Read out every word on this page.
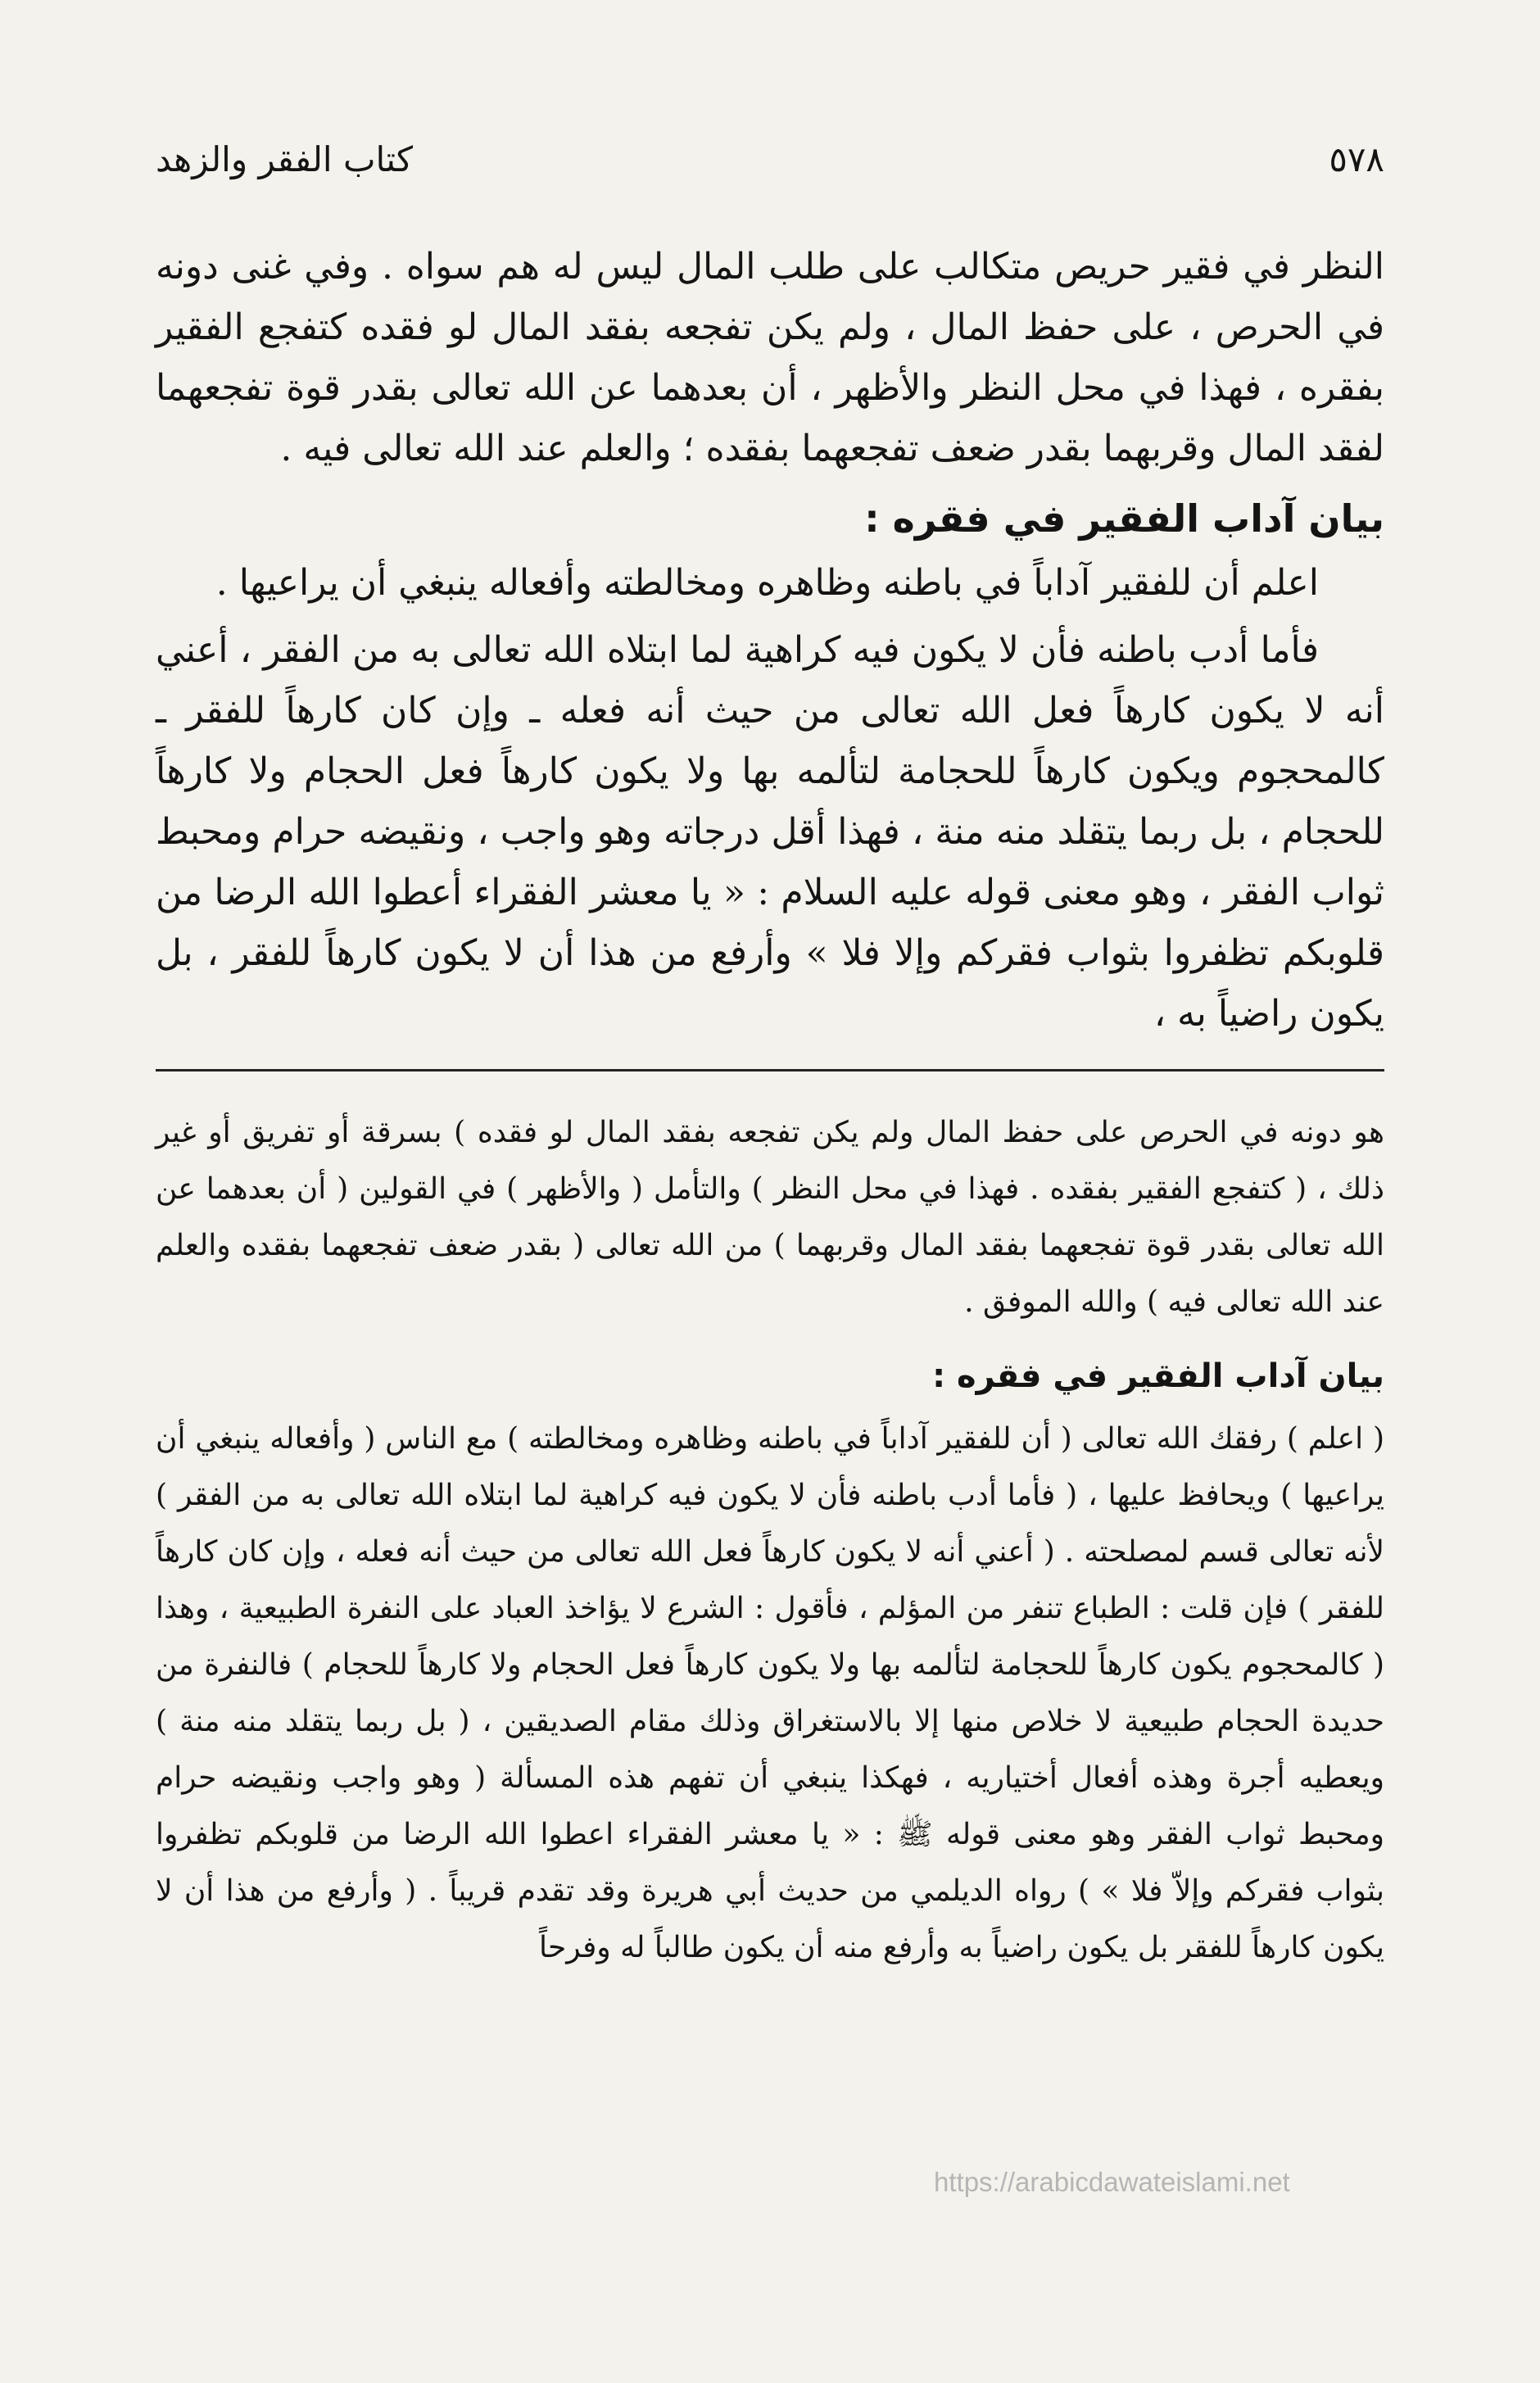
٥٧٨
كتاب الفقر والزهد

النظر في فقير حريص متكالب على طلب المال ليس له هم سواه . وفي غنى دونه في الحرص ، على حفظ المال ، ولم يكن تفجعه بفقد المال لو فقده كتفجع الفقير بفقره ، فهذا في محل النظر والأظهر ، أن بعدهما عن الله تعالى بقدر قوة تفجعهما لفقد المال وقربهما بقدر ضعف تفجعهما بفقده ؛ والعلم عند الله تعالى فيه .

بيان آداب الفقير في فقره :

اعلم أن للفقير آداباً في باطنه وظاهره ومخالطته وأفعاله ينبغي أن يراعيها .

فأما أدب باطنه فأن لا يكون فيه كراهية لما ابتلاه الله تعالى به من الفقر ، أعني أنه لا يكون كارهاً فعل الله تعالى من حيث أنه فعله ـ وإن كان كارهاً للفقر ـ كالمحجوم ويكون كارهاً للحجامة لتألمه بها ولا يكون كارهاً فعل الحجام ولا كارهاً للحجام ، بل ربما يتقلد منه منة ، فهذا أقل درجاته وهو واجب ، ونقيضه حرام ومحبط ثواب الفقر ، وهو معنى قوله عليه السلام : « يا معشر الفقراء أعطوا الله الرضا من قلوبكم تظفروا بثواب فقركم وإلا فلا » وأرفع من هذا أن لا يكون كارهاً للفقر ، بل يكون راضياً به ،

هو دونه في الحرص على حفظ المال ولم يكن تفجعه بفقد المال لو فقده ) بسرقة أو تفريق أو غير ذلك ، ( كتفجع الفقير بفقده . فهذا في محل النظر ) والتأمل ( والأظهر ) في القولين ( أن بعدهما عن الله تعالى بقدر قوة تفجعهما بفقد المال وقربهما ) من الله تعالى ( بقدر ضعف تفجعهما بفقده والعلم عند الله تعالى فيه ) والله الموفق .

بيان آداب الفقير في فقره :

( اعلم ) رفقك الله تعالى ( أن للفقير آداباً في باطنه وظاهره ومخالطته ) مع الناس ( وأفعاله ينبغي أن يراعيها ) ويحافظ عليها ، ( فأما أدب باطنه فأن لا يكون فيه كراهية لما ابتلاه الله تعالى به من الفقر ) لأنه تعالى قسم لمصلحته . ( أعني أنه لا يكون كارهاً فعل الله تعالى من حيث أنه فعله ، وإن كان كارهاً للفقر ) فإن قلت : الطباع تنفر من المؤلم ، فأقول : الشرع لا يؤاخذ العباد على النفرة الطبيعية ، وهذا ( كالمحجوم يكون كارهاً للحجامة لتألمه بها ولا يكون كارهاً فعل الحجام ولا كارهاً للحجام ) فالنفرة من حديدة الحجام طبيعية لا خلاص منها إلا بالاستغراق وذلك مقام الصديقين ، ( بل ربما يتقلد منه منة ) ويعطيه أجرة وهذه أفعال أختياريه ، فهكذا ينبغي أن تفهم هذه المسألة ( وهو واجب ونقيضه حرام ومحبط ثواب الفقر وهو معنى قوله ﷺ : « يا معشر الفقراء اعطوا الله الرضا من قلوبكم تظفروا بثواب فقركم وإلاّ فلا » ) رواه الديلمي من حديث أبي هريرة وقد تقدم قريباً . ( وأرفع من هذا أن لا يكون كارهاً للفقر بل يكون راضياً به وأرفع منه أن يكون طالباً له وفرحاً

https://arabicdawateislami.net
